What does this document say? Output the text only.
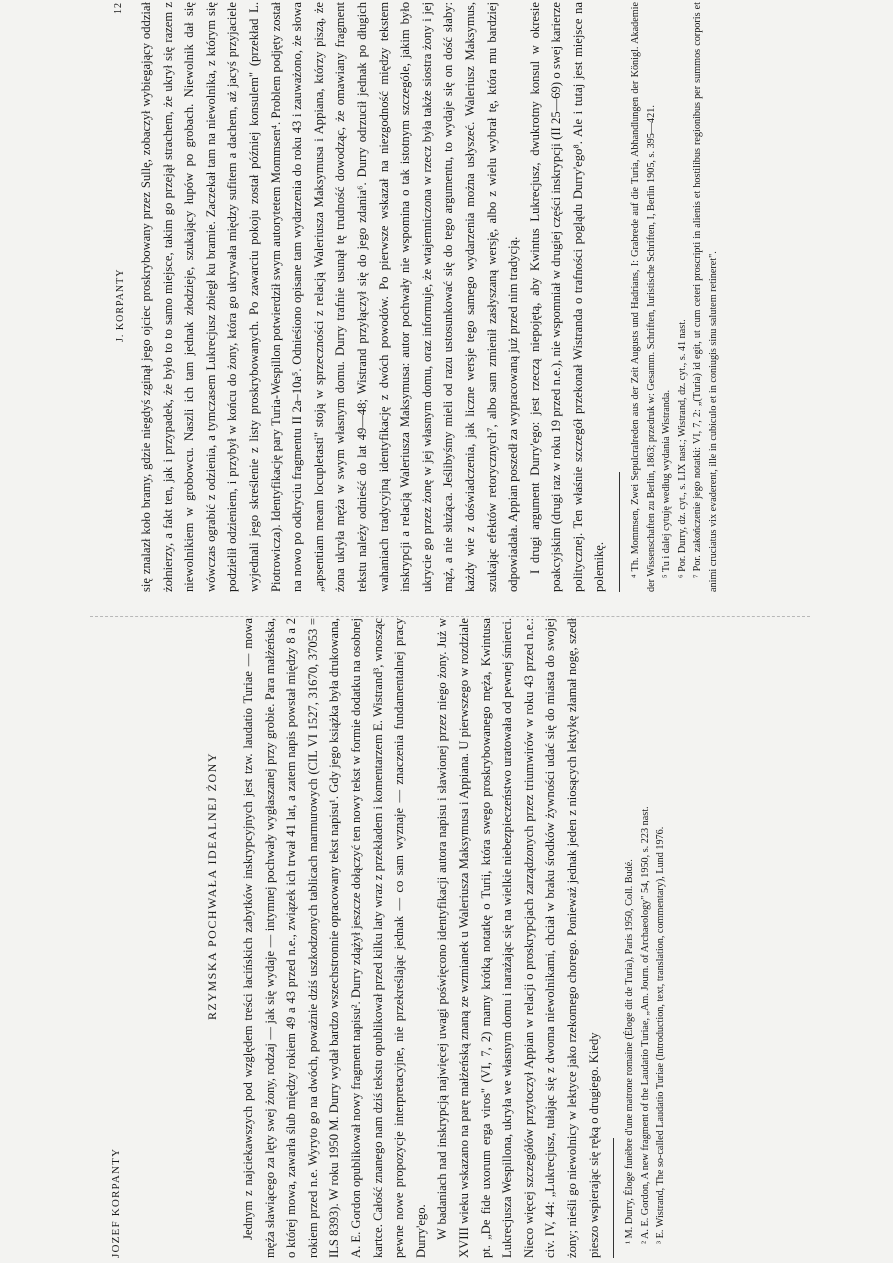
J. KORPANTY
12	się znalazł koło bramy, gdzie niegdyś zginął jego ojciec proskrybowany przez Sullę, zobaczył wybiegający oddział żołnierzy, a fakt ten, jak i przypadek, że było to to samo miejsce, takim go przejął strachem, że ukrył się razem z niewolnikiem w grobowcu. Naszli ich tam jednak złodzieje, szukający łupów po grobach. Niewolnik dał się wówczas ograbić z odzienia, a tymczasem Lukrecjusz zbiegł ku bramie. Zaczekał tam na niewolnika, z którym się podzielił odzieniem, i przybył w końcu do żony, która go ukrywała między sufitem a dachem, aż jacyś przyjaciele wyjednali jego skreślenie z listy proskrybowanych. Po zawarciu pokoju został później konsulem" (przekład L. Piotrowicza). Identyfikację pary Turia-Wespillon potwierdził swym autorytetem Mommsen⁴. Problem podjęty został na nowo po odkryciu fragmentu II 2a–10a⁵. Odnieśiono opisane tam wydarzenia do roku 43 i zauważono, że słowa „apsentiam meam locupletasti" stoją w sprzeczności z relacją Waleriusza Maksymusa i Appiana, którzy piszą, że żona ukryła męża w swym własnym domu. Durry trafnie usunął tę trudność dowodząc, że omawiany fragment tekstu należy odnieść do lat 49—48; Wistrand przyłączył się do jego zdania⁶. Durry odrzucił jednak po długich wahaniach tradycyjną identyfikację z dwóch powodów. Po pierwsze wskazał na niezgodność między tekstem inskrypcji a relacją Waleriusza Maksymusa: autor pochwały nie wspomina o tak istotnym szczególe, jakim było ukrycie go przez żonę w jej własnym domu, oraz informuje, że wtajemniczona w rzecz była także siostra żony i jej mąż, a nie służąca. Jeślibyśmy mieli od razu ustosunkować się do tego argumentu, to wydaje się on dość słaby: każdy wie z doświadczenia, jak liczne wersje tego samego wydarzenia można usłyszeć. Waleriusz Maksymus, szukając efektów retorycznych⁷, albo sam zmienił zasłyszaną wersję, albo z wielu wybrał tę, która mu bardziej odpowiadała. Appian poszedł za wypracowaną już przed nim tradycją. I drugi argument Durry'ego: jest rzeczą niepojętą, aby Kwintus Lukrecjusz, dwukrotny konsul w okresie poakcyjskim (drugi raz w roku 19 przed n.e.), nie wspomniał w drugiej części inskrypcji (II 25—69) o swej karierze politycznej. Ten właśnie szczegół przekonał Wistranda o trafności poglądu Durry'ego⁸. Ale i tutaj jest miejsce na polemikę.	⁴ Th. Mommsen, Zwei Sepulcralreden aus der Zeit Augusts und Hadrians, I: Grabrede auf die Turia, Abhandlungen der Königl. Akademie der Wissenschaften zu Berlin, 1863; przedruk w: Gesamm. Schriften, Iuristische Schriften, I, Berlin 1905, s. 395—421. ⁵ Tu i dalej cytuję według wydania Wistranda. ⁶ Por. Durry, dz. cyt., s. LIX nast.; Wistrand, dz. cyt., s. 41 nast. ⁷ Por. zakończenie jego notatki: VI, 7, 2: „(Turia) id egit, ut cum ceteri proscripti in alienis et hostilibus regionibus per summos corporis et animi cruciatus vix evaderent, ille in cubiculo et in coniugis sinu salutem retineret".

JOZEF KORPANTY
RZYMSKA POCHWAŁA IDEALNEJ ŻONY	Jednym z najciekawszych pod względem treści łacińskich zabytków inskrypcyjnych jest tzw. laudatio Turiae — mowa męża sławiącego za lęty swej żony, rodzaj — jak się wydaje — intymnej pochwały wygłaszanej przy grobie. Para małżeńska, o której mowa, zawarła ślub między rokiem 49 a 43 przed n.e., związek ich trwał 41 lat, a zatem napis powstał między 8 a 2 rokiem przed n.e. Wyryto go na dwóch, poważnie dziś uszkodzonych tablicach marmurowych (CIL VI 1527, 31670, 37053 = ILS 8393). W roku 1950 M. Durry wydał bardzo wszechstronnie opracowany tekst napisu¹. Gdy jego książka była drukowana, A. E. Gordon opublikował nowy fragment napisu². Durry zdążył jeszcze dołączyć ten nowy tekst w formie dodatku na osobnej kartce. Całość znanego nam dziś tekstu opublikował przed kilku laty wraz z przekładem i komentarzem E. Wistrand³, wnosząc pewne nowe propozycje interpretacyjne, nie przekreślając jednak — co sam wyznaje — znaczenia fundamentalnej pracy Durry'ego. W badaniach nad inskrypcją najwięcej uwagi poświęcono identyfikacji autora napisu i sławionej przez niego żony. Już w XVIII wieku wskazano na parę małżeńską znaną ze wzmianek u Waleriusza Maksymusa i Appiana. U pierwszego w rozdziale pt. „De fide uxorum erga viros" (VI, 7, 2) mamy krótką notatkę o Turii, która swego proskrybowanego męża, Kwintusa Lukrecjusza Wespillona, ukryła we własnym domu i narażając się na wielkie niebezpieczeństwo uratowała od pewnej śmierci. Nieco więcej szczegółów przytoczył Appian w relacji o proskrypcjach zarządzonych przez triumwirów w roku 43 przed n.e.: civ. IV, 44: „Lukrecjusz, tułając się z dwoma niewolnikami, chciał w braku środków żywności udać się do miasta do swojej żony; nieśli go niewolnicy w lektyce jako rzekomego chorego. Ponieważ jednak jeden z niosących lektykę złamał nogę, szedł pieszo wspierając się ręką o drugiego. Kiedy	¹ M. Durry, Éloge funèbre d'une matrone romaine (Éloge dit de Turia), Paris 1950, Coll. Budé. ² A. E. Gordon, A new fragment of the Laudatio Turiae, „Am. Journ. of Archaeology" 54, 1950, s. 223 nast. ³ E. Wistrand, The so-called Laudatio Turiae (Introduction, text, translation, commentary), Lund 1976.
